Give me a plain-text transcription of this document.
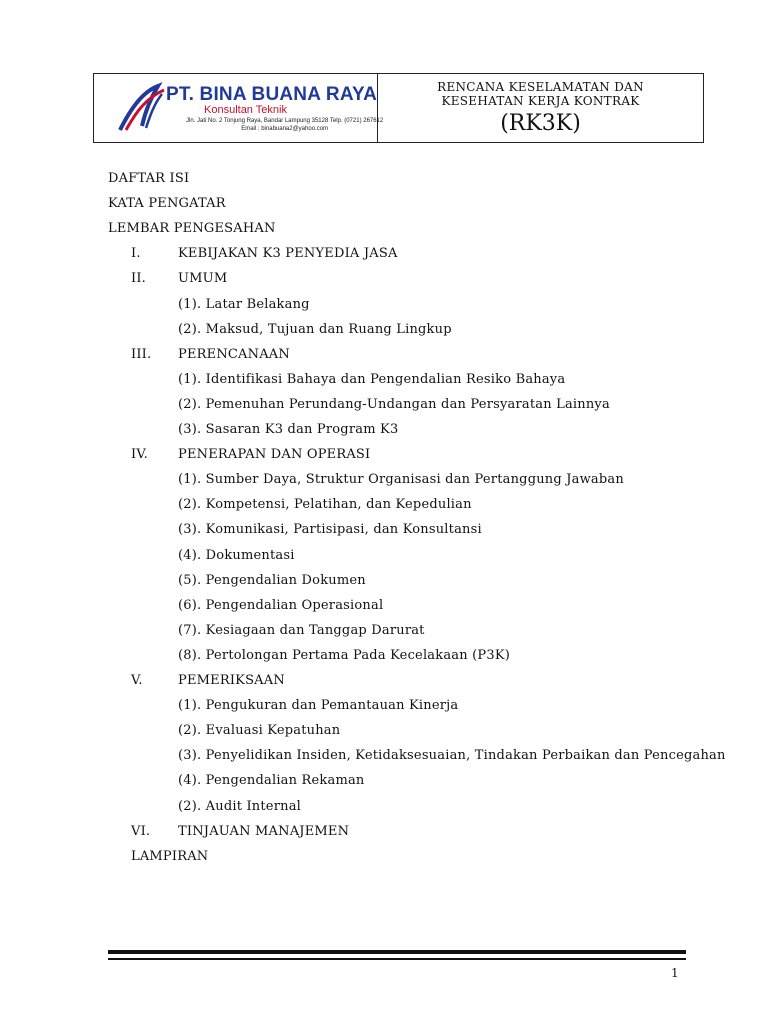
PT. BINA BUANA RAYA
Konsultan Teknik
Jln. Jati No. 2 Tonjung Raya, Bandar Lampung 35128 Telp. (0721) 267612
Email : binabuana2@yahoo.com
RENCANA KESELAMATAN DAN
KESEHATAN KERJA KONTRAK
(RK3K)
DAFTAR ISI
KATA PENGATAR
LEMBAR PENGESAHAN
I.	KEBIJAKAN K3 PENYEDIA JASA
II. UMUM
(1). Latar Belakang
(2). Maksud, Tujuan dan Ruang Lingkup
III. PERENCANAAN
(1). Identifikasi Bahaya dan Pengendalian Resiko Bahaya
(2). Pemenuhan Perundang-Undangan dan Persyaratan Lainnya
(3). Sasaran K3 dan Program K3
IV. PENERAPAN DAN OPERASI
(1). Sumber Daya, Struktur Organisasi dan Pertanggung Jawaban
(2). Kompetensi, Pelatihan, dan Kepedulian
(3). Komunikasi, Partisipasi, dan Konsultansi
(4). Dokumentasi
(5). Pengendalian Dokumen
(6). Pengendalian Operasional
(7). Kesiagaan dan Tanggap Darurat
(8). Pertolongan Pertama Pada Kecelakaan (P3K)
V.	PEMERIKSAAN
(1). Pengukuran dan Pemantauan Kinerja
(2). Evaluasi Kepatuhan
(3). Penyelidikan Insiden, Ketidaksesuaian, Tindakan Perbaikan dan Pencegahan
(4). Pengendalian Rekaman
(2). Audit Internal
VI. TINJAUAN MANAJEMEN
LAMPIRAN
1
